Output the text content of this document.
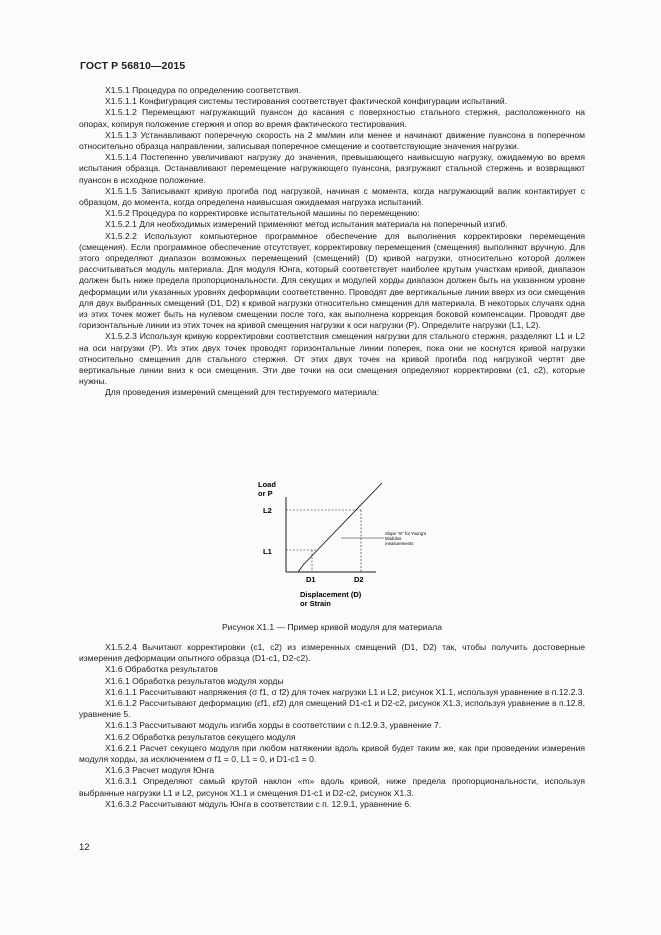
ГОСТ Р 56810—2015

X1.5.1 Процедура по определению соответствия.

X1.5.1.1 Конфигурация системы тестирования соответствует фактической конфигурации испытаний.

X1.5.1.2 Перемещают нагружающий пуансон до касания с поверхностью стального стержня, расположенного на опорах, копируя положение стержня и опор во время фактического тестирования.

X1.5.1.3 Устанавливают поперечную скорость на 2 мм/мин или менее и начинают движение пуансона в поперечном относительно образца направлении, записывая поперечное смещение и соответствующие значения нагрузки.

X1.5.1.4 Постепенно увеличивают нагрузку до значения, превышающего наивысшую нагрузку, ожидаемую во время испытания образца. Останавливают перемещение нагружающего пуансона, разгружают стальной стержень и возвращают пуансон в исходное положение.

X1.5.1.5 Записывают кривую прогиба под нагрузкой, начиная с момента, когда нагружающий валик контактирует с образцом, до момента, когда определена наивысшая ожидаемая нагрузка испытаний.

X1.5.2 Процедура по корректировке испытательной машины по перемещению:

X1.5.2.1 Для необходимых измерений применяют метод испытания материала на поперечный изгиб.

X1.5.2.2 Используют компьютерное программное обеспечение для выполнения корректировки перемещения (смещения). Если программное обеспечение отсутствует, корректировку перемещения (смещения) выполняют вручную. Для этого определяют диапазон возможных перемещений (смещений) (D) кривой нагрузки, относительно которой должен рассчитываться модуль материала. Для модуля Юнга, который соответствует наиболее крутым участкам кривой, диапазон должен быть ниже предела пропорциональности. Для секущих и модулей хорды диапазон должен быть на указанном уровне деформации или указанных уровнях деформации соответственно. Проводят две вертикальные линии вверх из оси смещения для двух выбранных смещений (D1, D2) к кривой нагрузки относительно смещения для материала. В некоторых случаях одна из этих точек может быть на нулевом смещении после того, как выполнена коррекция боковой компенсации. Проводят две горизонтальные линии из этих точек на кривой смещения нагрузки к оси нагрузки (P). Определите нагрузки (L1, L2).

X1.5.2.3 Используя кривую корректировки соответствия смещения нагрузки для стального стержня, разделяют L1 и L2 на оси нагрузки (P). Из этих двух точек проводят горизонтальные линии поперек, пока они не коснутся кривой нагрузки относительно смещения для стального стержня. От этих двух точек на кривой прогиба под нагрузкой чертят две вертикальные линии вниз к оси смещения. Эти две точки на оси смещения определяют корректировки (с1, с2), которые нужны.

Для проведения измерений смещений для тестируемого материала:

Load
or P
L2
L1
D1	D2
Displacement (D)
or Strain
Slope "m" for Young's
Modulus
measurements
Рисунок X1.1 — Пример кривой модуля для материала

X1.5.2.4 Вычитают корректировки (с1, с2) из измеренных смещений (D1, D2) так, чтобы получить достоверные измерения деформации опытного образца (D1-c1, D2-c2).

X1.6 Обработка результатов

X1.6.1 Обработка результатов модуля хорды

X1.6.1.1 Рассчитывают напряжения (σ f1, σ f2) для точек нагрузки L1 и L2, рисунок X1.1, используя уравнение в п.12.2.3.

X1.6.1.2 Рассчитывают деформацию (εf1, εf2) для смещений D1-c1 и D2-c2, рисунок X1.3, используя уравнение в п.12.8, уравнение 5.

X1.6.1.3 Рассчитывают модуль изгиба хорды в соответствии с п.12.9.3, уравнение 7.

X1.6.2 Обработка результатов секущего модуля

X1.6.2.1 Расчет секущего модуля при любом натяжении вдоль кривой будет таким же, как при проведении измерения модуля хорды, за исключением σ f1 = 0, L1 = 0, и D1-c1 = 0.

X1.6.3 Расчет модуля Юнга

X1.6.3.1 Определяют самый крутой наклон «m» вдоль кривой, ниже предела пропорциональности, используя выбранные нагрузки L1 и L2, рисунок X1.1 и смещения D1-c1 и D2-c2, рисунок X1.3.

X1.6.3.2 Рассчитывают модуль Юнга в соответствии с п. 12.9.1, уравнение 6.

12
